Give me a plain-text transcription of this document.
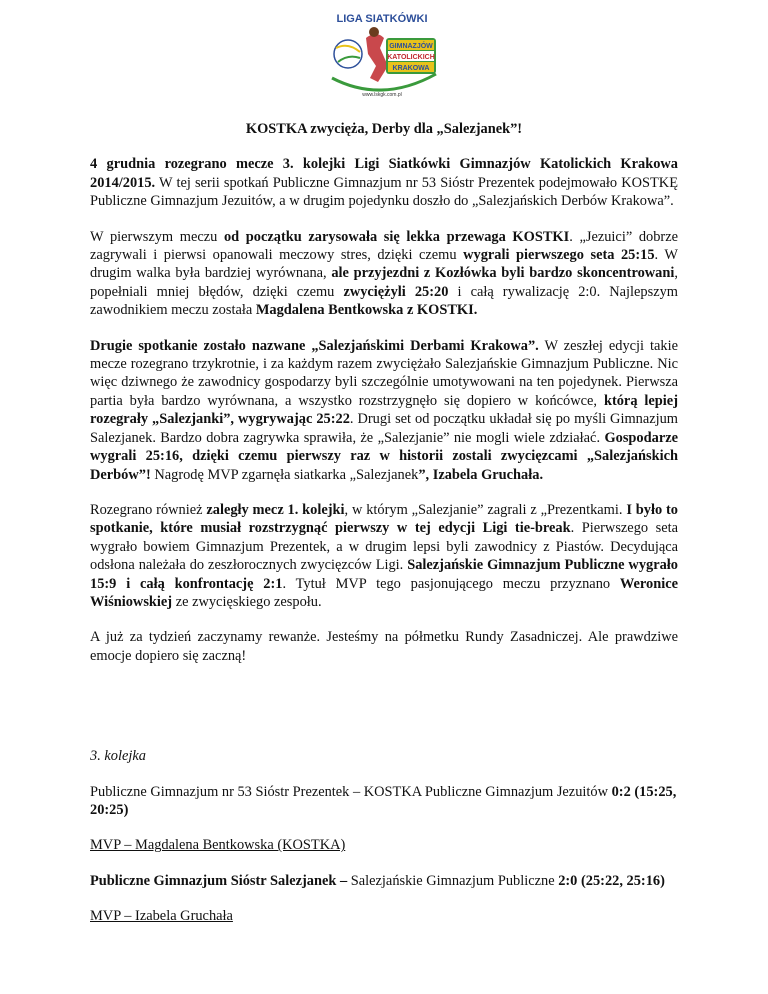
LIGA SIATKÓWKI
GIMNAZJÓW
KATOLICKICH
KRAKOWA
www.lskgk.com.pl
KOSTKA zwycięża, Derby dla „Salezjanek”!

4 grudnia rozegrano mecze 3. kolejki Ligi Siatkówki Gimnazjów Katolickich Krakowa 2014/2015. W tej serii spotkań Publiczne Gimnazjum nr 53 Sióstr Prezentek podejmowało KOSTKĘ Publiczne Gimnazjum Jezuitów, a w drugim pojedynku doszło do „Salezjańskich Derbów Krakowa”.

W pierwszym meczu od początku zarysowała się lekka przewaga KOSTKI. „Jezuici” dobrze zagrywali i pierwsi opanowali meczowy stres, dzięki czemu wygrali pierwszego seta 25:15. W drugim walka była bardziej wyrównana, ale przyjezdni z Kozłówka byli bardzo skoncentrowani, popełniali mniej błędów, dzięki czemu zwyciężyli 25:20 i całą rywalizację 2:0. Najlepszym zawodnikiem meczu została Magdalena Bentkowska z KOSTKI.

Drugie spotkanie zostało nazwane „Salezjańskimi Derbami Krakowa”. W zeszłej edycji takie mecze rozegrano trzykrotnie, i za każdym razem zwyciężało Salezjańskie Gimnazjum Publiczne. Nic więc dziwnego że zawodnicy gospodarzy byli szczególnie umotywowani na ten pojedynek. Pierwsza partia była bardzo wyrównana, a wszystko rozstrzygnęło się dopiero w końcówce, którą lepiej rozegrały „Salezjanki”, wygrywając 25:22. Drugi set od początku układał się po myśli Gimnazjum Salezjanek. Bardzo dobra zagrywka sprawiła, że „Salezjanie” nie mogli wiele zdziałać. Gospodarze wygrali 25:16, dzięki czemu pierwszy raz w historii zostali zwycięzcami „Salezjańskich Derbów”! Nagrodę MVP zgarnęła siatkarka „Salezjanek”, Izabela Gruchała.

Rozegrano również zaległy mecz 1. kolejki, w którym „Salezjanie” zagrali z „Prezentkami. I było to spotkanie, które musiał rozstrzygnąć pierwszy w tej edycji Ligi tie-break. Pierwszego seta wygrało bowiem Gimnazjum Prezentek, a w drugim lepsi byli zawodnicy z Piastów. Decydująca odsłona należała do zeszłorocznych zwycięzców Ligi. Salezjańskie Gimnazjum Publiczne wygrało 15:9 i całą konfrontację 2:1. Tytuł MVP tego pasjonującego meczu przyznano Weronice Wiśniowskiej ze zwycięskiego zespołu.

A już za tydzień zaczynamy rewanże. Jesteśmy na półmetku Rundy Zasadniczej. Ale prawdziwe emocje dopiero się zaczną!

3. kolejka

Publiczne Gimnazjum nr 53 Sióstr Prezentek – KOSTKA Publiczne Gimnazjum Jezuitów 0:2 (15:25, 20:25)

MVP – Magdalena Bentkowska (KOSTKA)

Publiczne Gimnazjum Sióstr Salezjanek – Salezjańskie Gimnazjum Publiczne 2:0 (25:22, 25:16)

MVP – Izabela Gruchała
